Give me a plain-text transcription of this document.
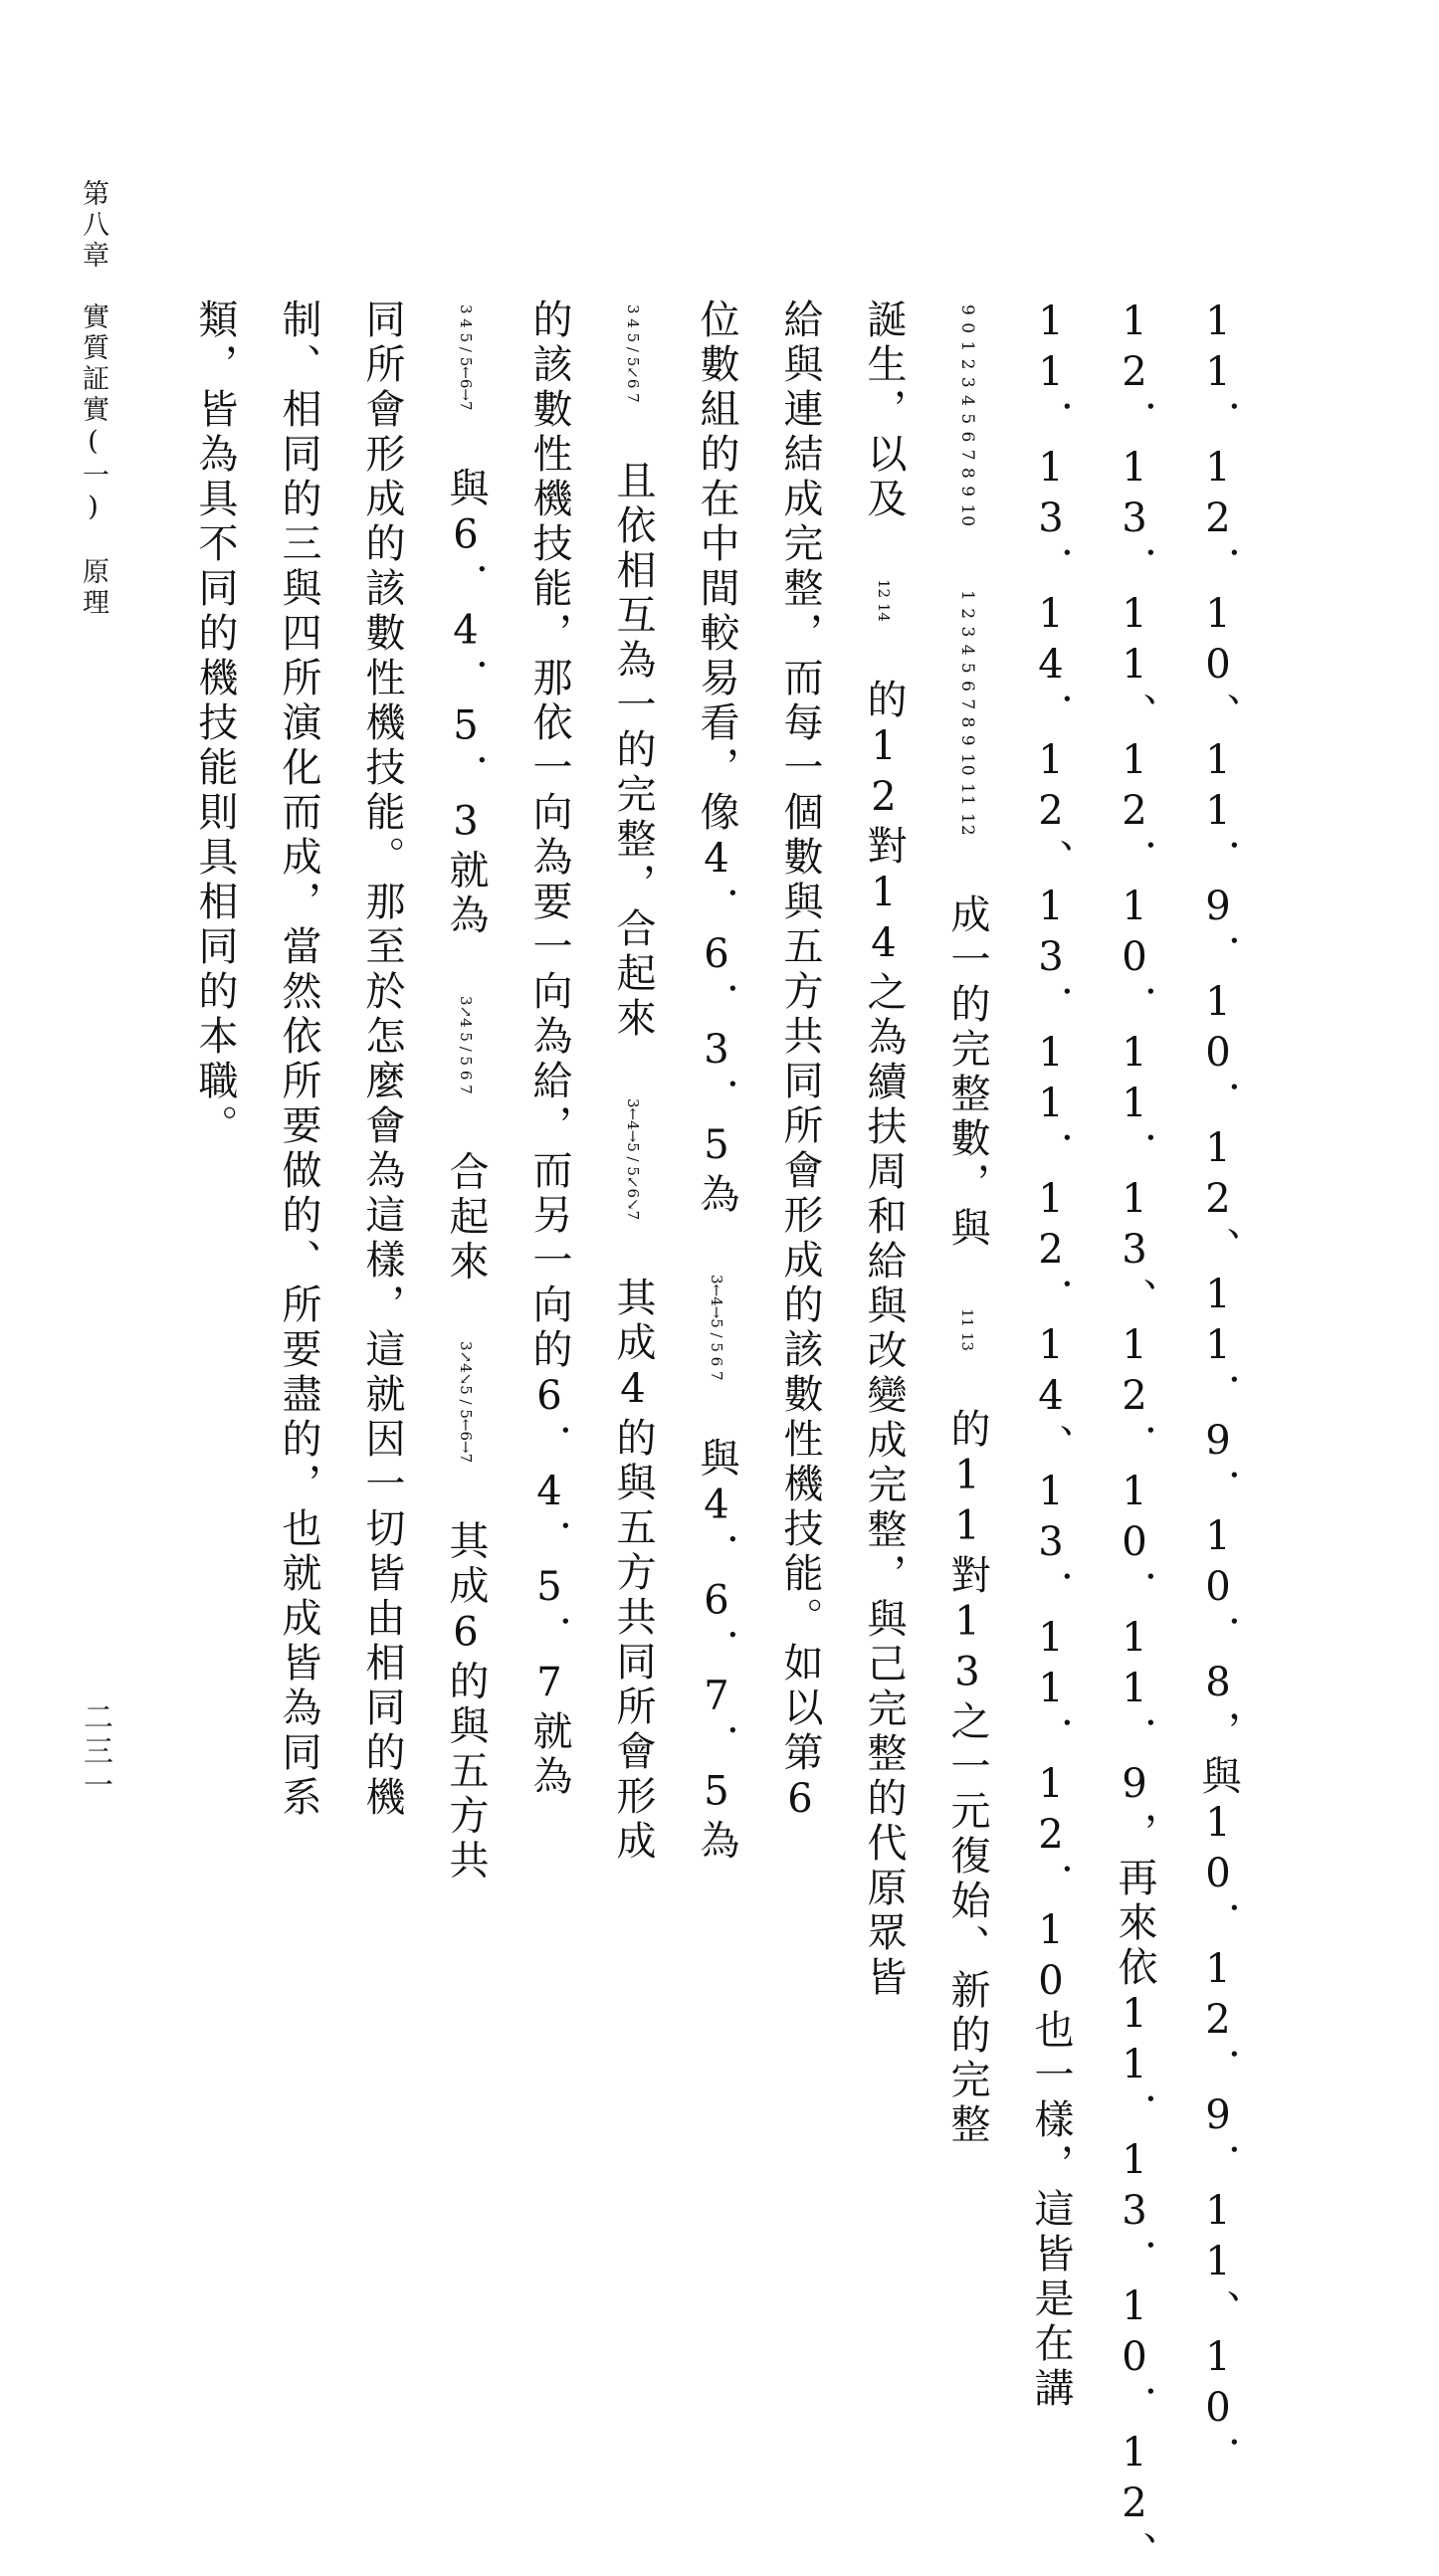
第八章　實質証實(一)　原理
二三一	11．12．10、11．9．10．12、11．9．10．8，與10．12．9．11、10．
12．13．11、12．10．11．13、12．10．11．9，再來依11．13．10．12、
11．13．14．12、13．11．12．14、13．11．12．10也一樣，這皆是在講
9 0 1 2 3 4 5 6 7 8 9 10 1 2 3 4 5 6 7 8 9 10 11 12 成一的完整數，與 11 13 的11對13之一元復始、新的完整
誕生，以及 12 14 的12對14之為續扶周和給與改變成完整，與己完整的代原眾皆
給與連結成完整，而每一個數與五方共同所會形成的該數性機技能。如以第6
位數組的在中間較易看，像4．6．3．5為 3←4→5 / 5 6 7 與4．6．7．5為
3 4 5 / 5↙6 7 且依相互為一的完整，合起來 3←4→5 / 5↙6↘7 其成4的與五方共同所會形成
的該數性機技能，那依一向為要一向為給，而另一向的6．4．5．7就為
3 4 5 / 5←6→7 與6．4．5．3就為 3↗4 5 / 5 6 7 合起來 3↗4↘5 / 5←6→7 其成6的與五方共
同所會形成的該數性機技能。那至於怎麼會為這樣，這就因一切皆由相同的機
制、相同的三與四所演化而成，當然依所要做的、所要盡的，也就成皆為同系
類，皆為具不同的機技能則具相同的本職。
